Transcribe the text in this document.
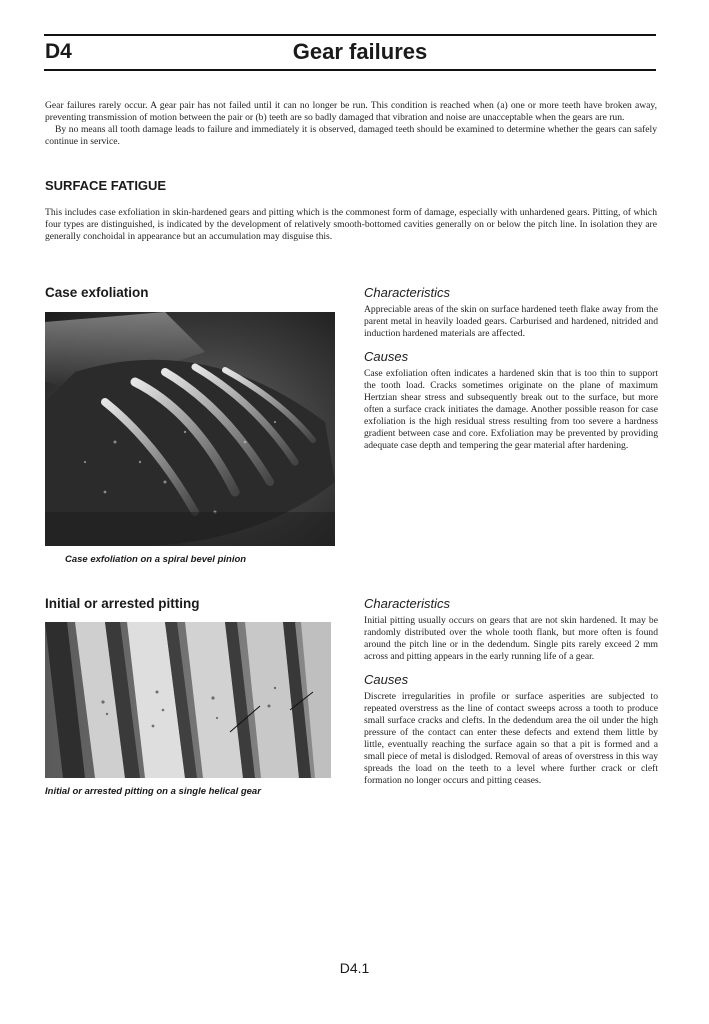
D4	Gear failures

Gear failures rarely occur. A gear pair has not failed until it can no longer be run. This condition is reached when (a) one or more teeth have broken away, preventing transmission of motion between the pair or (b) teeth are so badly damaged that vibration and noise are unacceptable when the gears are run.

By no means all tooth damage leads to failure and immediately it is observed, damaged teeth should be examined to determine whether the gears can safely continue in service.

SURFACE FATIGUE

This includes case exfoliation in skin-hardened gears and pitting which is the commonest form of damage, especially with unhardened gears. Pitting, of which four types are distinguished, is indicated by the development of relatively smooth-bottomed cavities generally on or below the pitch line. In isolation they are generally conchoidal in appearance but an accumulation may disguise this.

Case exfoliation
Case exfoliation on a spiral bevel pinion
Characteristics

Appreciable areas of the skin on surface hardened teeth flake away from the parent metal in heavily loaded gears. Carburised and hardened, nitrided and induction hardened materials are affected.

Causes

Case exfoliation often indicates a hardened skin that is too thin to support the tooth load. Cracks sometimes originate on the plane of maximum Hertzian shear stress and subsequently break out to the surface, but more often a surface crack initiates the damage. Another possible reason for case exfoliation is the high residual stress resulting from too severe a hardness gradient between case and core. Exfoliation may be prevented by providing adequate case depth and tempering the gear material after hardening.

Initial or arrested pitting
Initial or arrested pitting on a single helical gear
Characteristics

Initial pitting usually occurs on gears that are not skin hardened. It may be randomly distributed over the whole tooth flank, but more often is found around the pitch line or in the dedendum. Single pits rarely exceed 2 mm across and pitting appears in the early running life of a gear.

Causes

Discrete irregularities in profile or surface asperities are subjected to repeated overstress as the line of contact sweeps across a tooth to produce small surface cracks and clefts. In the dedendum area the oil under the high pressure of the contact can enter these defects and extend them little by little, eventually reaching the surface again so that a pit is formed and a small piece of metal is dislodged. Removal of areas of overstress in this way spreads the load on the teeth to a level where further crack or cleft formation no longer occurs and pitting ceases.

D4.1
